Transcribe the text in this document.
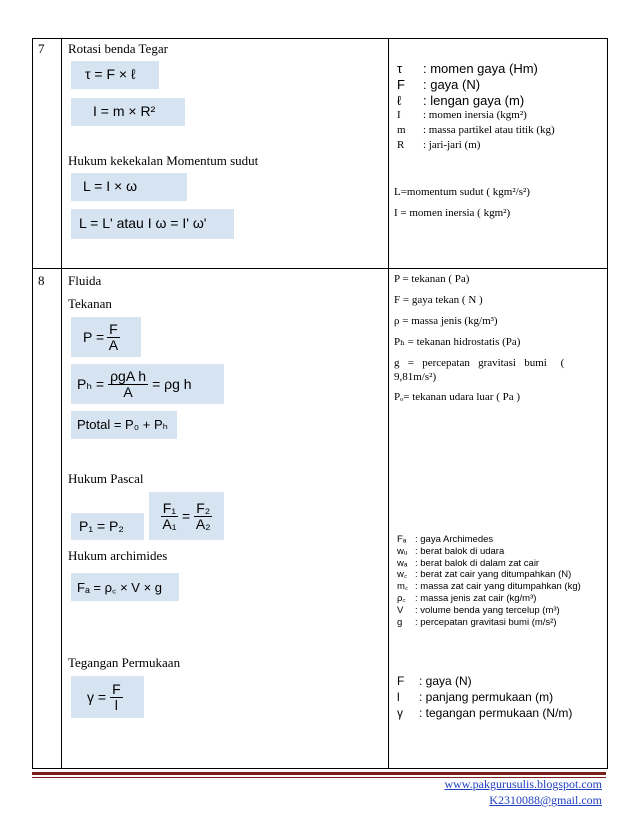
7 Rotasi benda Tegar
τ = F × ℓ
I = m × R²
Hukum kekekalan Momentum sudut
L = I × ω
L = L' atau I ω = I' ω'
τ	: momen gaya (Hm)
F	: gaya (N)
ℓ	: lengan gaya (m)
I	: momen inersia (kgm²)
m	: massa partikel atau titik (kg)
R	: jari-jari (m)
L=momentum sudut ( kgm²/s²)
I = momen inersia ( kgm²)
8 Fluida
Tekanan
$P = \frac{F}{A}$
$P_h = \frac{\text{ρgA h}}{A} = \rho g$ h
Ptotal = P₀ + Pₕ
Hukum Pascal
P₁ = P₂	$\frac{\text{F₁}}{\text{A₁}} = \frac{\text{F₂}}{\text{A₂}}$
Hukum archimides
Fₐ = ρ꜀ × V × g
Tegangan Permukaan
$\gamma = \frac{F}{l}$
P = tekanan ( Pa)
F = gaya tekan ( N )
ρ = massa jenis (kg/m³)
Pₕ = tekanan hidrostatis (Pa)
g   =   percepatan   gravitasi   bumi     (
9,81m/s²)
Pₒ= tekanan udara luar ( Pa )
Fₐ : gaya Archimedes
wᵤ : berat balok di udara
wₐ : berat balok di dalam zat cair
w꜀ : berat zat cair yang ditumpahkan (N)
m꜀ : massa zat cair yang ditumpahkan (kg)
ρ꜀ : massa jenis zat cair (kg/m³)
V	: volume benda yang tercelup (m³)
g	: percepatan gravitasi bumi (m/s²)
F	: gaya (N)
l	: panjang permukaan (m)
γ	: tegangan permukaan (N/m)
www.pakgurusulis.blogspot.com
K2310088@gmail.com
